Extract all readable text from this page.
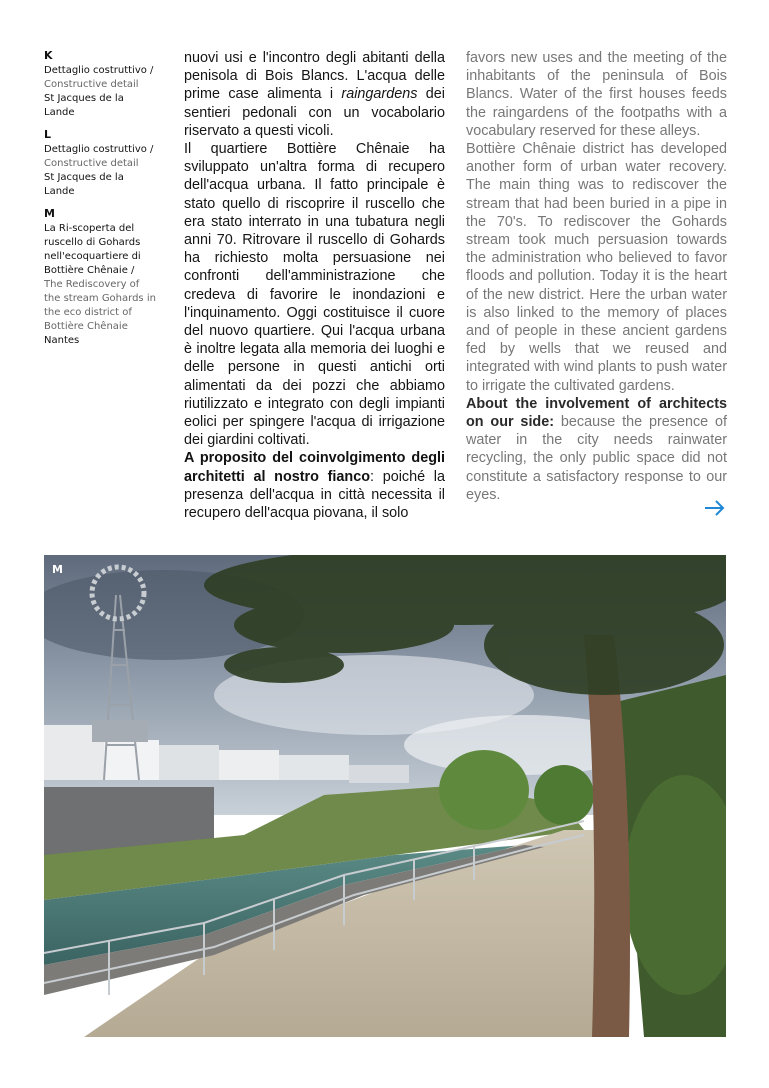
K
Dettaglio costruttivo /
Constructive detail
St Jacques de la Lande
L
Dettaglio costruttivo /
Constructive detail
St Jacques de la Lande
M
La Ri-scoperta del ruscello di Gohards nell'ecoquartiere di Bottière Chênaie /
The Rediscovery of the stream Gohards in the eco district of Bottière Chênaie
Nantes

nuovi usi e l'incontro degli abitanti della penisola di Bois Blancs. L'acqua delle prime case alimenta i raingardens dei sentieri pedonali con un vocabolario riservato a questi vicoli.

Il quartiere Bottière Chênaie ha sviluppato un'altra forma di recupero dell'acqua urbana. Il fatto principale è stato quello di riscoprire il ruscello che era stato interrato in una tubatura negli anni 70. Ritrovare il ruscello di Gohards ha richiesto molta persuasione nei confronti dell'amministrazione che credeva di favorire le inondazioni e l'inquinamento. Oggi costituisce il cuore del nuovo quartiere. Qui l'acqua urbana è inoltre legata alla memoria dei luoghi e delle persone in questi antichi orti alimentati da dei pozzi che abbiamo riutilizzato e integrato con degli impianti eolici per spingere l'acqua di irrigazione dei giardini coltivati.

A proposito del coinvolgimento degli architetti al nostro fianco: poiché la presenza dell'acqua in città necessita il recupero dell'acqua piovana, il solo

favors new uses and the meeting of the inhabitants of the peninsula of Bois Blancs. Water of the first houses feeds the raingardens of the footpaths with a vocabulary reserved for these alleys.

Bottière Chênaie district has developed another form of urban water recovery. The main thing was to rediscover the stream that had been buried in a pipe in the 70's. To rediscover the Gohards stream took much persuasion towards the administration who believed to favor floods and pollution. Today it is the heart of the new district. Here the urban water is also linked to the memory of places and of people in these ancient gardens fed by wells that we reused and integrated with wind plants to push water to irrigate the cultivated gardens.

About the involvement of architects on our side: because the presence of water in the city needs rainwater recycling, the only public space did not constitute a satisfactory response to our eyes.

M
